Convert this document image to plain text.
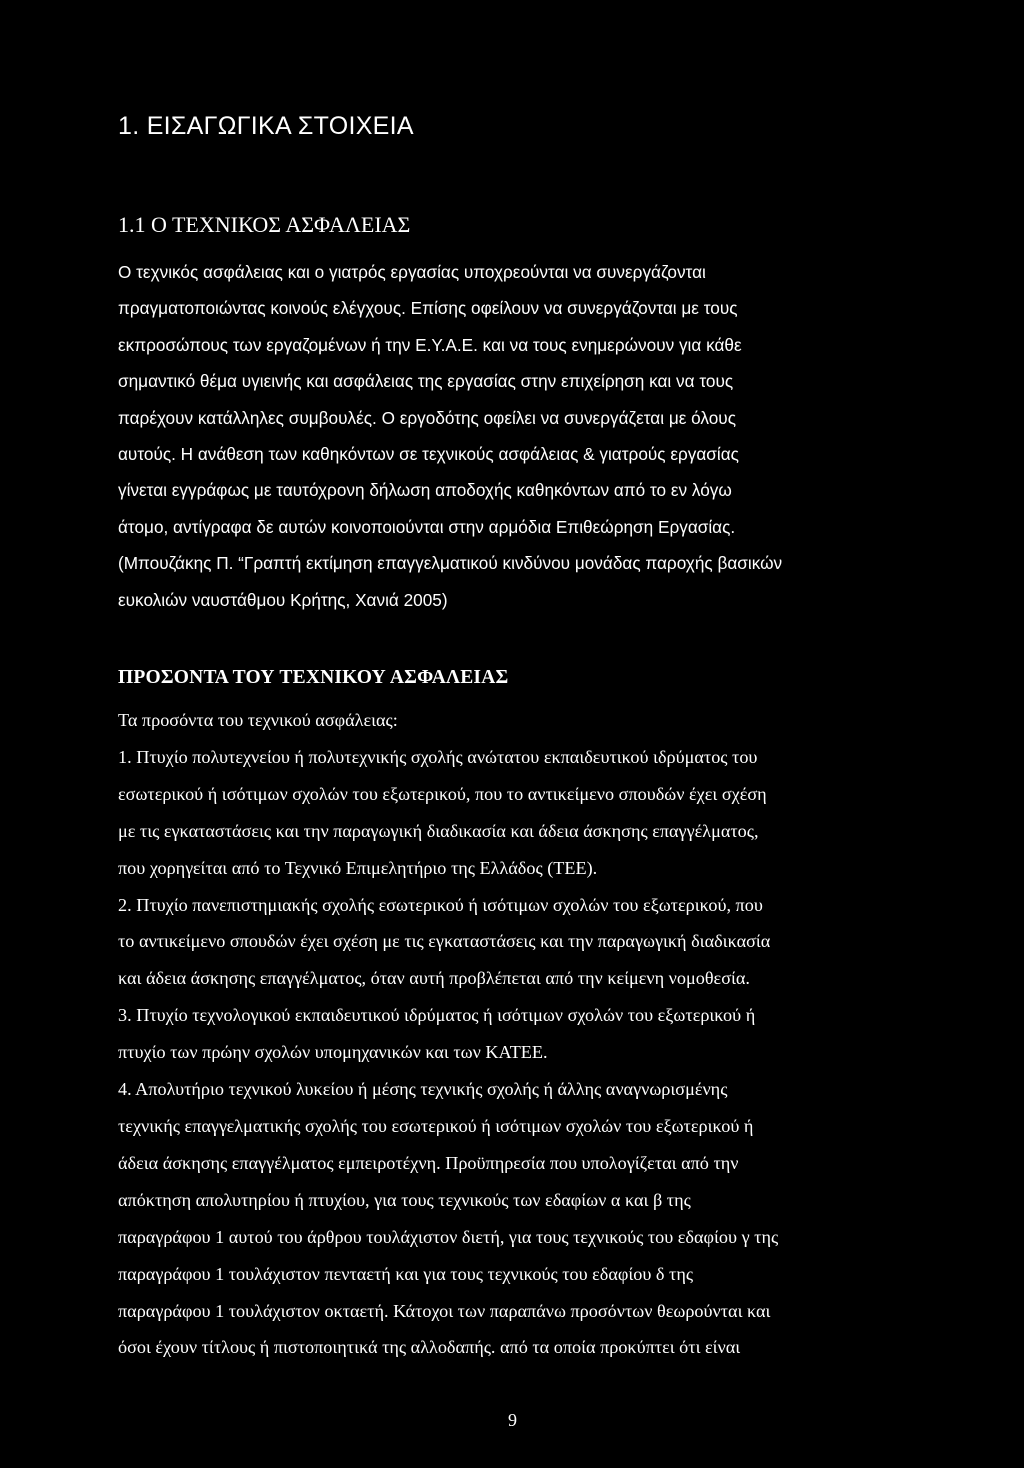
1. ΕΙΣΑΓΩΓΙΚΑ ΣΤΟΙΧΕΙΑ
1.1 Ο ΤΕΧΝΙΚΟΣ ΑΣΦΑΛΕΙΑΣ
Ο τεχνικός ασφάλειας και ο γιατρός εργασίας υποχρεούνται να συνεργάζονται
πραγματοποιώντας κοινούς ελέγχους. Επίσης οφείλουν να συνεργάζονται με τους
εκπροσώπους των εργαζομένων ή την Ε.Υ.Α.Ε. και να τους ενημερώνουν για κάθε
σημαντικό θέμα υγιεινής και ασφάλειας της εργασίας στην επιχείρηση και να τους
παρέχουν κατάλληλες συμβουλές. Ο εργοδότης οφείλει να συνεργάζεται με όλους
αυτούς. Η ανάθεση των καθηκόντων σε τεχνικούς ασφάλειας & γιατρούς εργασίας
γίνεται εγγράφως με ταυτόχρονη δήλωση αποδοχής καθηκόντων από το εν λόγω
άτομο, αντίγραφα δε αυτών κοινοποιούνται στην αρμόδια Επιθεώρηση Εργασίας.
(Μπουζάκης Π. “Γραπτή εκτίμηση επαγγελματικού κινδύνου μονάδας παροχής βασικών
ευκολιών ναυστάθμου Κρήτης, Χανιά 2005)
ΠΡΟΣΟΝΤΑ ΤΟΥ ΤΕΧΝΙΚΟΥ ΑΣΦΑΛΕΙΑΣ
Τα προσόντα του τεχνικού ασφάλειας:
1. Πτυχίο πολυτεχνείου ή πολυτεχνικής σχολής ανώτατου εκπαιδευτικού ιδρύματος του
εσωτερικού ή ισότιμων σχολών του εξωτερικού, που το αντικείμενο σπουδών έχει σχέση
με τις εγκαταστάσεις και την παραγωγική διαδικασία και άδεια άσκησης επαγγέλματος,
που χορηγείται από το Τεχνικό Επιμελητήριο της Ελλάδος (ΤΕΕ).
2. Πτυχίο πανεπιστημιακής σχολής εσωτερικού ή ισότιμων σχολών του εξωτερικού, που
το αντικείμενο σπουδών έχει σχέση με τις εγκαταστάσεις και την παραγωγική διαδικασία
και άδεια άσκησης επαγγέλματος, όταν αυτή προβλέπεται από την κείμενη νομοθεσία.
3. Πτυχίο τεχνολογικού εκπαιδευτικού ιδρύματος ή ισότιμων σχολών του εξωτερικού ή
πτυχίο των πρώην σχολών υπομηχανικών και των ΚΑΤΕΕ.
4. Απολυτήριο τεχνικού λυκείου ή μέσης τεχνικής σχολής ή άλλης αναγνωρισμένης
τεχνικής επαγγελματικής σχολής του εσωτερικού ή ισότιμων σχολών του εξωτερικού ή
άδεια άσκησης επαγγέλματος εμπειροτέχνη. Προϋπηρεσία που υπολογίζεται από την
απόκτηση απολυτηρίου ή πτυχίου, για τους τεχνικούς των εδαφίων α και β της
παραγράφου 1 αυτού του άρθρου τουλάχιστον διετή, για τους τεχνικούς του εδαφίου γ της
παραγράφου 1 τουλάχιστον πενταετή και για τους τεχνικούς του εδαφίου δ της
παραγράφου 1 τουλάχιστον οκταετή. Κάτοχοι των παραπάνω προσόντων θεωρούνται και
όσοι έχουν τίτλους ή πιστοποιητικά της αλλοδαπής. από τα οποία προκύπτει ότι είναι
9
